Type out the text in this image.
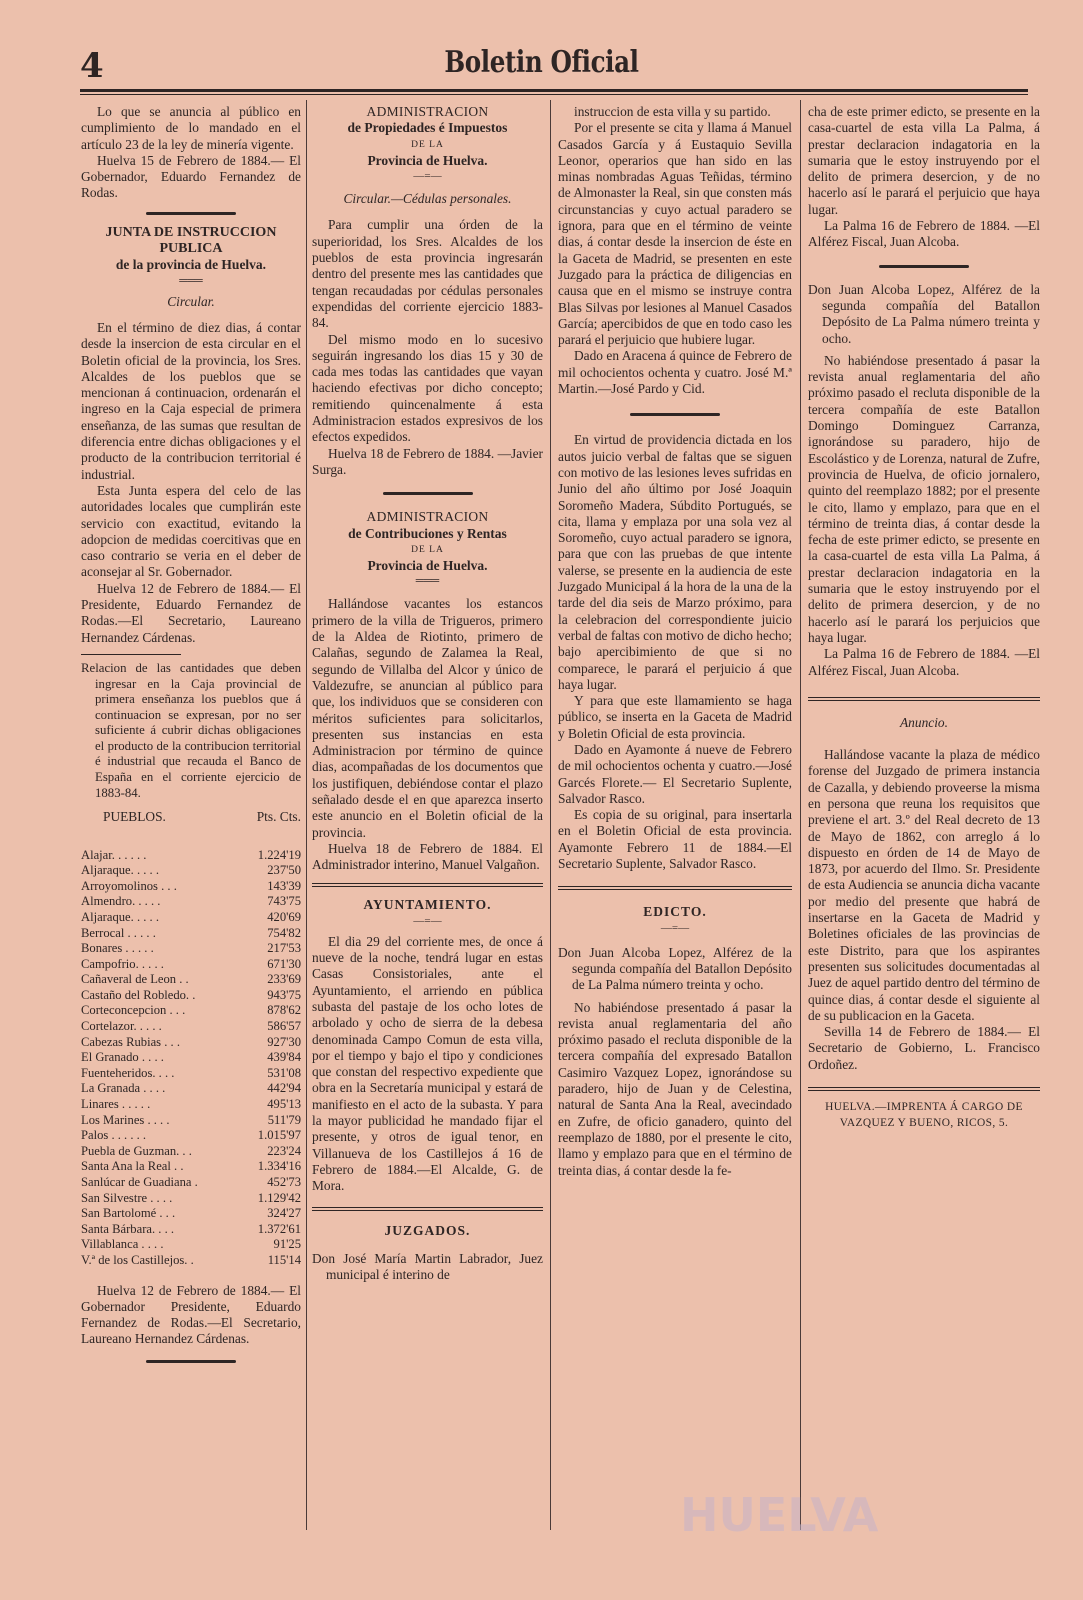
4	Boletin Oficial

Lo que se anuncia al público en cumplimiento de lo mandado en el artículo 23 de la ley de minería vigente.

Huelva 15 de Febrero de 1884.— El Gobernador, Eduardo Fernandez de Rodas.

JUNTA DE INSTRUCCION PUBLICA
de la provincia de Huelva.
═══
Circular.

En el término de diez dias, á contar desde la insercion de esta circular en el Boletin oficial de la provincia, los Sres. Alcaldes de los pueblos que se mencionan á continuacion, ordenarán el ingreso en la Caja especial de primera enseñanza, de las sumas que resultan de diferencia entre dichas obligaciones y el producto de la contribucion territorial é industrial.

Esta Junta espera del celo de las autoridades locales que cumplirán este servicio con exactitud, evitando la adopcion de medidas coercitivas que en caso contrario se veria en el deber de aconsejar al Sr. Gobernador.

Huelva 12 de Febrero de 1884.— El Presidente, Eduardo Fernandez de Rodas.—El Secretario, Laureano Hernandez Cárdenas.

Relacion de las cantidades que deben ingresar en la Caja provincial de primera enseñanza los pueblos que á continuacion se expresan, por no ser suficiente á cubrir dichas obligaciones el producto de la contribucion territorial é industrial que recauda el Banco de España en el corriente ejercicio de 1883-84.

PUEBLOS.	Pts. Cts.
Alajar. . . . . .	1.224'19
Aljaraque. . . . .	237'50
Arroyomolinos . . .	143'39
Almendro. . . . .	743'75
Aljaraque. . . . .	420'69
Berrocal . . . . .	754'82
Bonares . . . . .	217'53
Campofrio. . . . .	671'30
Cañaveral de Leon . .	233'69
Castaño del Robledo. .	943'75
Corteconcepcion . . .	878'62
Cortelazor. . . . .	586'57
Cabezas Rubias . . .	927'30
El Granado . . . .	439'84
Fuenteheridos. . . .	531'08
La Granada . . . .	442'94
Linares . . . . .	495'13
Los Marines . . . .	511'79
Palos . . . . . .	1.015'97
Puebla de Guzman. . .	223'24
Santa Ana la Real . .	1.334'16
Sanlúcar de Guadiana .	452'73
San Silvestre . . . .	1.129'42
San Bartolomé . . .	324'27
Santa Bárbara. . . .	1.372'61
Villablanca . . . .	91'25
V.ª de los Castillejos. .	115'14

Huelva 12 de Febrero de 1884.— El Gobernador Presidente, Eduardo Fernandez de Rodas.—El Secretario, Laureano Hernandez Cárdenas.

ADMINISTRACION
de Propiedades é Impuestos
DE LA
Provincia de Huelva.
—=—
Circular.—Cédulas personales.

Para cumplir una órden de la superioridad, los Sres. Alcaldes de los pueblos de esta provincia ingresarán dentro del presente mes las cantidades que tengan recaudadas por cédulas personales expendidas del corriente ejercicio 1883-84.

Del mismo modo en lo sucesivo seguirán ingresando los dias 15 y 30 de cada mes todas las cantidades que vayan haciendo efectivas por dicho concepto; remitiendo quincenalmente á esta Administracion estados expresivos de los efectos expedidos.

Huelva 18 de Febrero de 1884. —Javier Surga.

ADMINISTRACION
de Contribuciones y Rentas
DE LA
Provincia de Huelva.
═══

Hallándose vacantes los estancos primero de la villa de Trigueros, primero de la Aldea de Riotinto, primero de Calañas, segundo de Zalamea la Real, segundo de Villalba del Alcor y único de Valdezufre, se anuncian al público para que, los individuos que se consideren con méritos suficientes para solicitarlos, presenten sus instancias en esta Administracion por término de quince dias, acompañadas de los documentos que los justifiquen, debiéndose contar el plazo señalado desde el en que aparezca inserto este anuncio en el Boletin oficial de la provincia.

Huelva 18 de Febrero de 1884. El Administrador interino, Manuel Valgañon.

AYUNTAMIENTO.
—=—

El dia 29 del corriente mes, de once á nueve de la noche, tendrá lugar en estas Casas Consistoriales, ante el Ayuntamiento, el arriendo en pública subasta del pastaje de los ocho lotes de arbolado y ocho de sierra de la debesa denominada Campo Comun de esta villa, por el tiempo y bajo el tipo y condiciones que constan del respectivo expediente que obra en la Secretaría municipal y estará de manifiesto en el acto de la subasta. Y para la mayor publicidad he mandado fijar el presente, y otros de igual tenor, en Villanueva de los Castillejos á 16 de Febrero de 1884.—El Alcalde, G. de Mora.

JUZGADOS.

Don José María Martin Labrador, Juez municipal é interino de

instruccion de esta villa y su partido.

Por el presente se cita y llama á Manuel Casados García y á Eustaquio Sevilla Leonor, operarios que han sido en las minas nombradas Aguas Teñidas, término de Almonaster la Real, sin que consten más circunstancias y cuyo actual paradero se ignora, para que en el término de veinte dias, á contar desde la insercion de éste en la Gaceta de Madrid, se presenten en este Juzgado para la práctica de diligencias en causa que en el mismo se instruye contra Blas Silvas por lesiones al Manuel Casados García; apercibidos de que en todo caso les parará el perjuicio que hubiere lugar.

Dado en Aracena á quince de Febrero de mil ochocientos ochenta y cuatro. José M.ª Martin.—José Pardo y Cid.

En virtud de providencia dictada en los autos juicio verbal de faltas que se siguen con motivo de las lesiones leves sufridas en Junio del año último por José Joaquin Soromeño Madera, Súbdito Portugués, se cita, llama y emplaza por una sola vez al Soromeño, cuyo actual paradero se ignora, para que con las pruebas de que intente valerse, se presente en la audiencia de este Juzgado Municipal á la hora de la una de la tarde del dia seis de Marzo próximo, para la celebracion del correspondiente juicio verbal de faltas con motivo de dicho hecho; bajo apercibimiento de que si no comparece, le parará el perjuicio á que haya lugar.

Y para que este llamamiento se haga público, se inserta en la Gaceta de Madrid y Boletin Oficial de esta provincia.

Dado en Ayamonte á nueve de Febrero de mil ochocientos ochenta y cuatro.—José Garcés Florete.— El Secretario Suplente, Salvador Rasco.

Es copia de su original, para insertarla en el Boletin Oficial de esta provincia. Ayamonte Febrero 11 de 1884.—El Secretario Suplente, Salvador Rasco.

EDICTO.
—=—

Don Juan Alcoba Lopez, Alférez de la segunda compañía del Batallon Depósito de La Palma número treinta y ocho.

No habiéndose presentado á pasar la revista anual reglamentaria del año próximo pasado el recluta disponible de la tercera compañía del expresado Batallon Casimiro Vazquez Lopez, ignorándose su paradero, hijo de Juan y de Celestina, natural de Santa Ana la Real, avecindado en Zufre, de oficio ganadero, quinto del reemplazo de 1880, por el presente le cito, llamo y emplazo para que en el término de treinta dias, á contar desde la fe-

cha de este primer edicto, se presente en la casa-cuartel de esta villa La Palma, á prestar declaracion indagatoria en la sumaria que le estoy instruyendo por el delito de primera desercion, y de no hacerlo así le parará el perjuicio que haya lugar.

La Palma 16 de Febrero de 1884. —El Alférez Fiscal, Juan Alcoba.

Don Juan Alcoba Lopez, Alférez de la segunda compañía del Batallon Depósito de La Palma número treinta y ocho.

No habiéndose presentado á pasar la revista anual reglamentaria del año próximo pasado el recluta disponible de la tercera compañía de este Batallon Domingo Dominguez Carranza, ignorándose su paradero, hijo de Escolástico y de Lorenza, natural de Zufre, provincia de Huelva, de oficio jornalero, quinto del reemplazo 1882; por el presente le cito, llamo y emplazo, para que en el término de treinta dias, á contar desde la fecha de este primer edicto, se presente en la casa-cuartel de esta villa La Palma, á prestar declaracion indagatoria en la sumaria que le estoy instruyendo por el delito de primera desercion, y de no hacerlo así le parará los perjuicios que haya lugar.

La Palma 16 de Febrero de 1884. —El Alférez Fiscal, Juan Alcoba.

Anuncio.

Hallándose vacante la plaza de médico forense del Juzgado de primera instancia de Cazalla, y debiendo proveerse la misma en persona que reuna los requisitos que previene el art. 3.º del Real decreto de 13 de Mayo de 1862, con arreglo á lo dispuesto en órden de 14 de Mayo de 1873, por acuerdo del Ilmo. Sr. Presidente de esta Audiencia se anuncia dicha vacante por medio del presente que habrá de insertarse en la Gaceta de Madrid y Boletines oficiales de las provincias de este Distrito, para que los aspirantes presenten sus solicitudes documentadas al Juez de aquel partido dentro del término de quince dias, á contar desde el siguiente al de su publicacion en la Gaceta.

Sevilla 14 de Febrero de 1884.— El Secretario de Gobierno, L. Francisco Ordoñez.

HUELVA.—IMPRENTA Á CARGO DE VAZQUEZ Y BUENO, RICOS, 5.
HUELVA
